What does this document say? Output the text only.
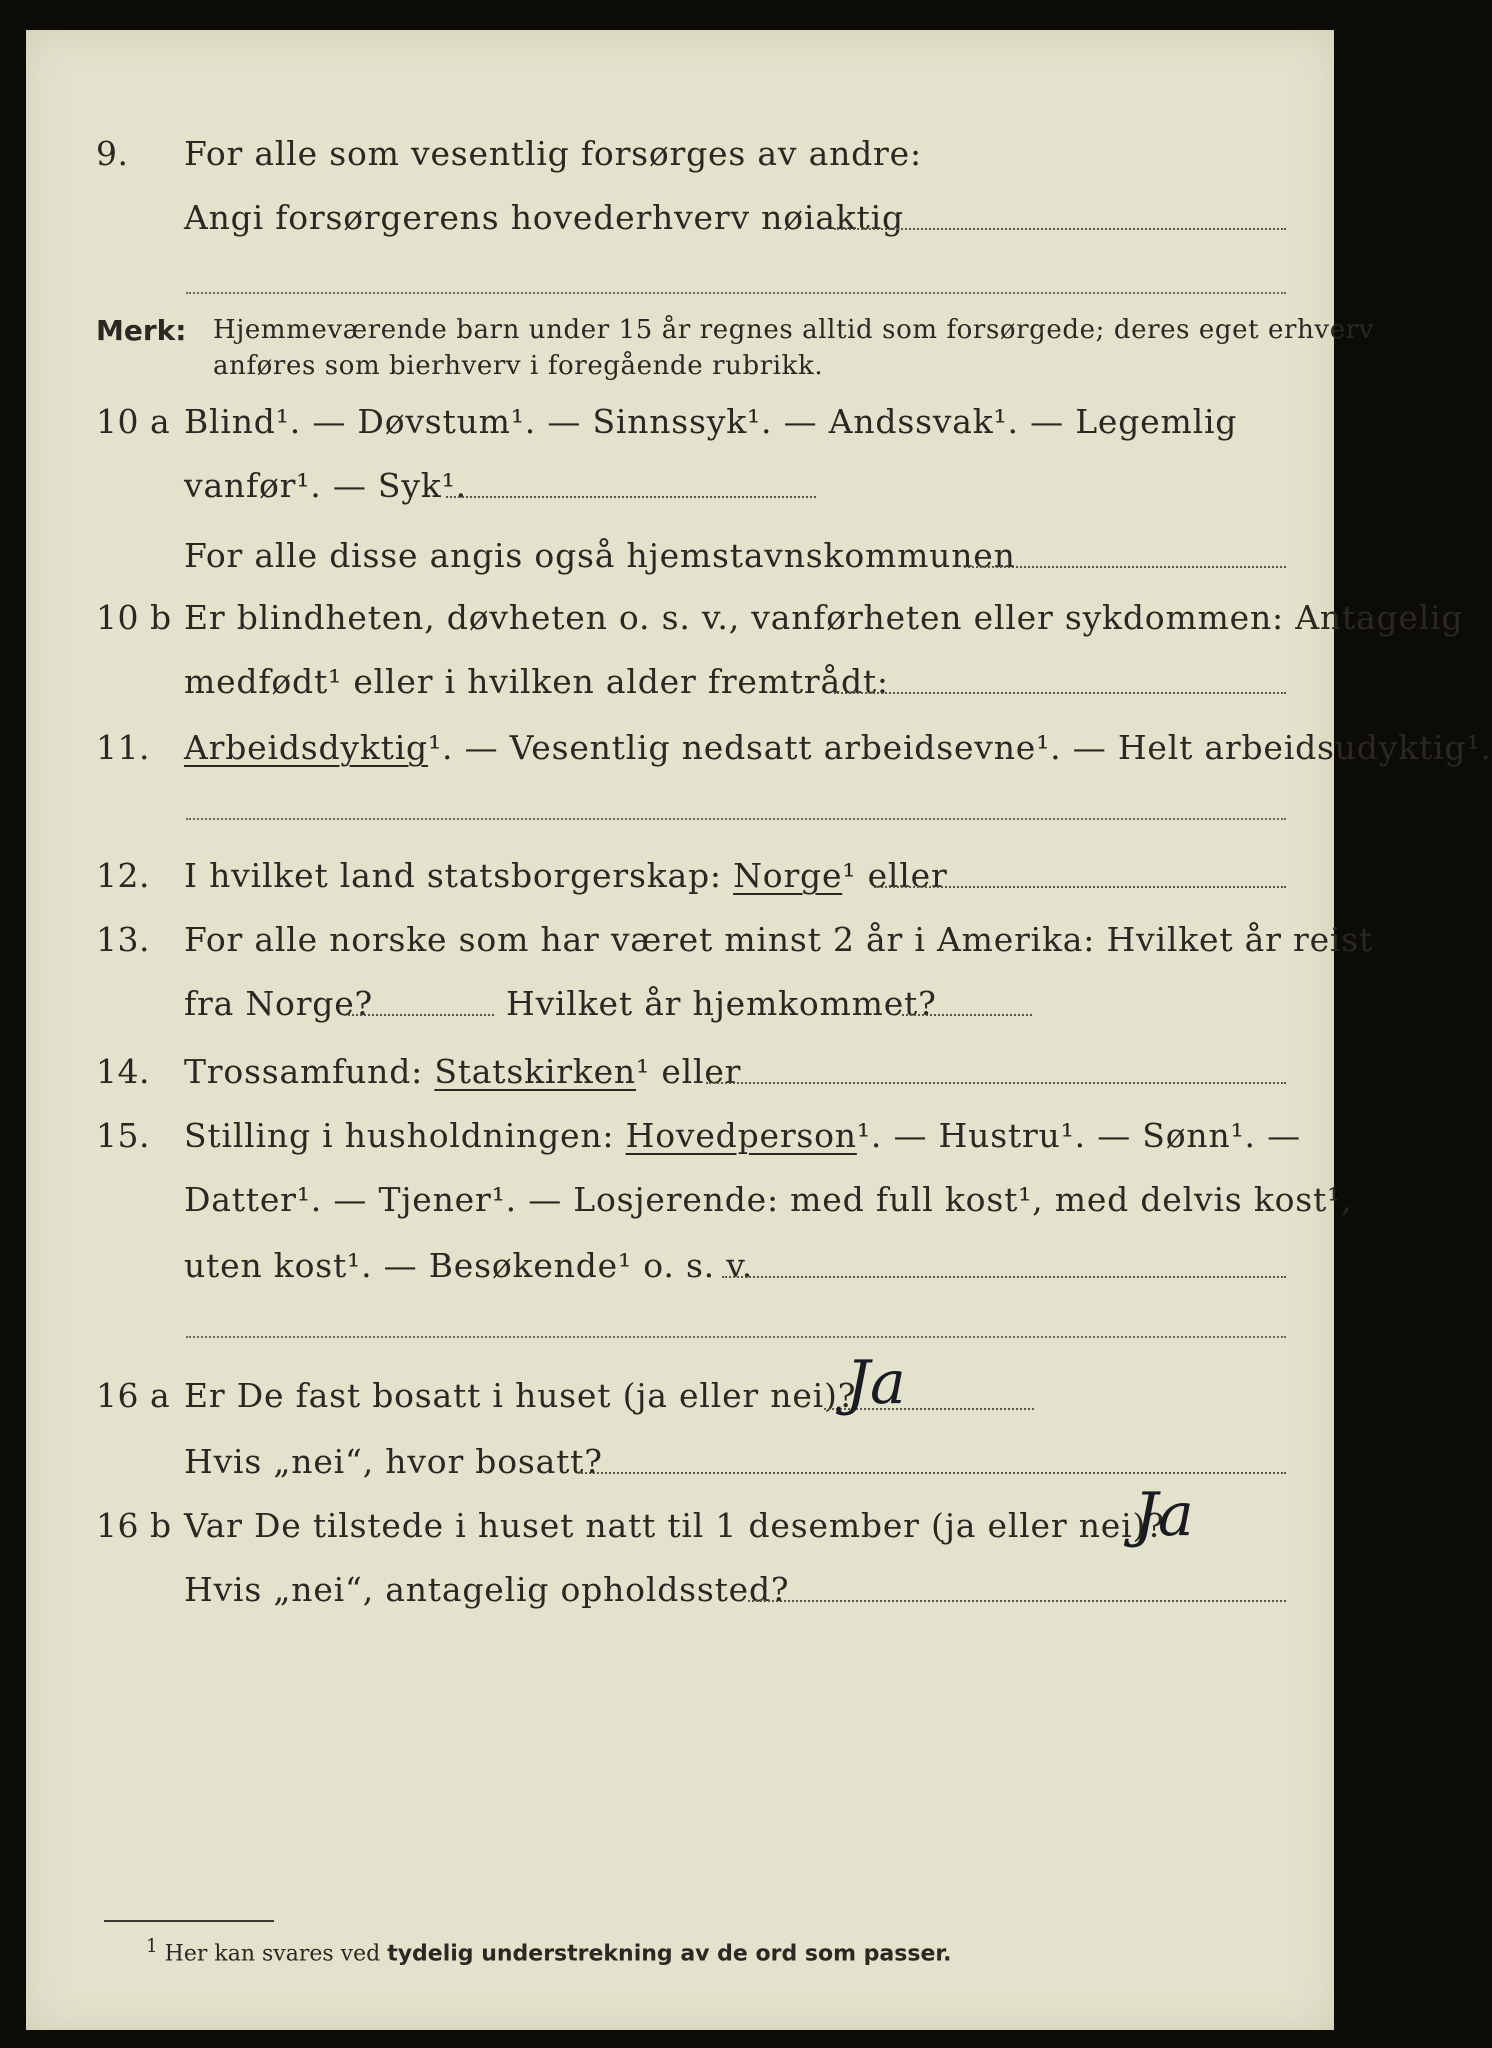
9. For alle som vesentlig forsørges av andre:
Angi forsørgerens hovederhverv nøiaktig
Merk: Hjemmeværende barn under 15 år regnes alltid som forsørgede; deres eget erhverv
anføres som bierhverv i foregående rubrikk.
10 a Blind¹. — Døvstum¹. — Sinnssyk¹. — Andssvak¹. — Legemlig
vanfør¹. — Syk¹.
For alle disse angis også hjemstavnskommunen
10 b Er blindheten, døvheten o. s. v., vanførheten eller sykdommen: Antagelig
medfødt¹ eller i hvilken alder fremtrådt:
11. Arbeidsdyktig¹. — Vesentlig nedsatt arbeidsevne¹. — Helt arbeidsudyktig¹.
12. I hvilket land statsborgerskap: Norge¹ eller
13. For alle norske som har været minst 2 år i Amerika: Hvilket år reist
fra Norge?	Hvilket år hjemkommet?
14. Trossamfund: Statskirken¹ eller
15. Stilling i husholdningen: Hovedperson¹. — Hustru¹. — Sønn¹. —
Datter¹. — Tjener¹. — Losjerende: med full kost¹, med delvis kost¹,
uten kost¹. — Besøkende¹ o. s. v.
16 a Er De fast bosatt i huset (ja eller nei)?
Ja
Hvis „nei“, hvor bosatt?
16 b Var De tilstede i huset natt til 1 desember (ja eller nei)?
Ja
Hvis „nei“, antagelig opholdssted?
$^1$ Her kan svares ved tydelig understrekning av de ord som passer.
